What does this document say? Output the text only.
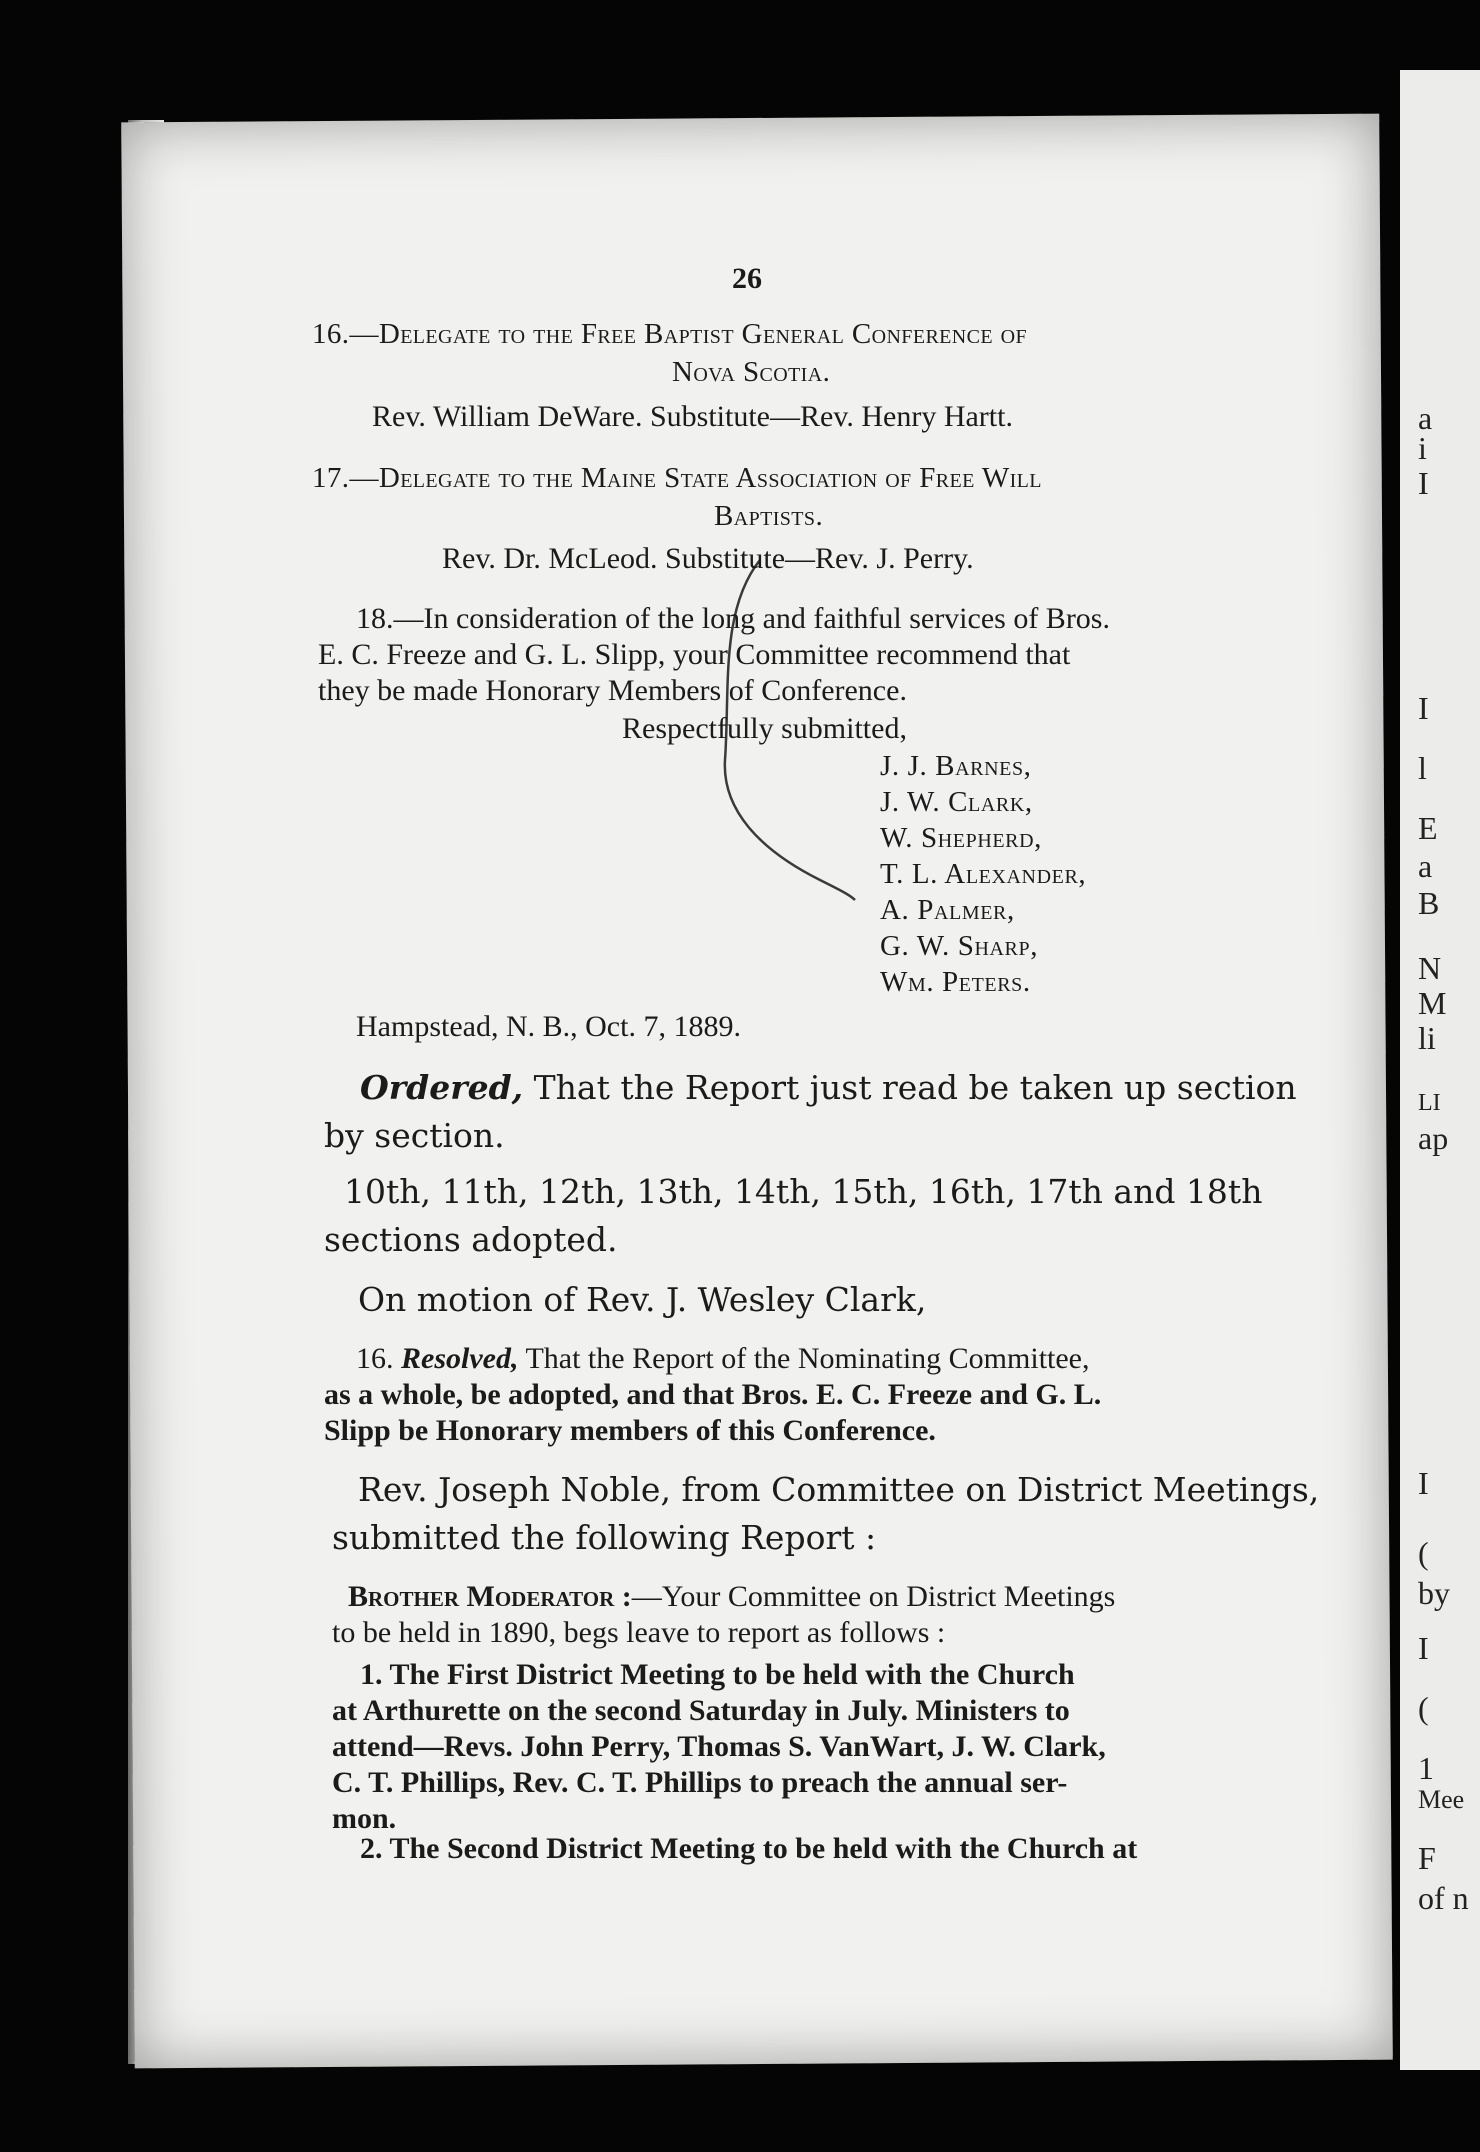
a
i
I
I
l
E
a
B
N
M
li
LI
ap
I
(
by
I
(
1
Mee
F
of n
26
16.—Delegate to the Free Baptist General Conference of
Nova Scotia.
Rev. William DeWare. Substitute—Rev. Henry Hartt.
17.—Delegate to the Maine State Association of Free Will
Baptists.
Rev. Dr. McLeod. Substitute—Rev. J. Perry.
18.—In consideration of the long and faithful services of Bros.
E. C. Freeze and G. L. Slipp, your Committee recommend that
they be made Honorary Members of Conference.
Respectfully submitted,
J. J. Barnes,
J. W. Clark,
W. Shepherd,
T. L. Alexander,
A. Palmer,
G. W. Sharp,
Wm. Peters.
Hampstead, N. B., Oct. 7, 1889.
Ordered, That the Report just read be taken up section
by section.
10th, 11th, 12th, 13th, 14th, 15th, 16th, 17th and 18th
sections adopted.
On motion of Rev. J. Wesley Clark,
16. Resolved, That the Report of the Nominating Committee,
as a whole, be adopted, and that Bros. E. C. Freeze and G. L.
Slipp be Honorary members of this Conference.
Rev. Joseph Noble, from Committee on District Meetings,
submitted the following Report :
Brother Moderator :—Your Committee on District Meetings
to be held in 1890, begs leave to report as follows :
1. The First District Meeting to be held with the Church
at Arthurette on the second Saturday in July. Ministers to
attend—Revs. John Perry, Thomas S. VanWart, J. W. Clark,
C. T. Phillips, Rev. C. T. Phillips to preach the annual ser-
mon.
2. The Second District Meeting to be held with the Church at
